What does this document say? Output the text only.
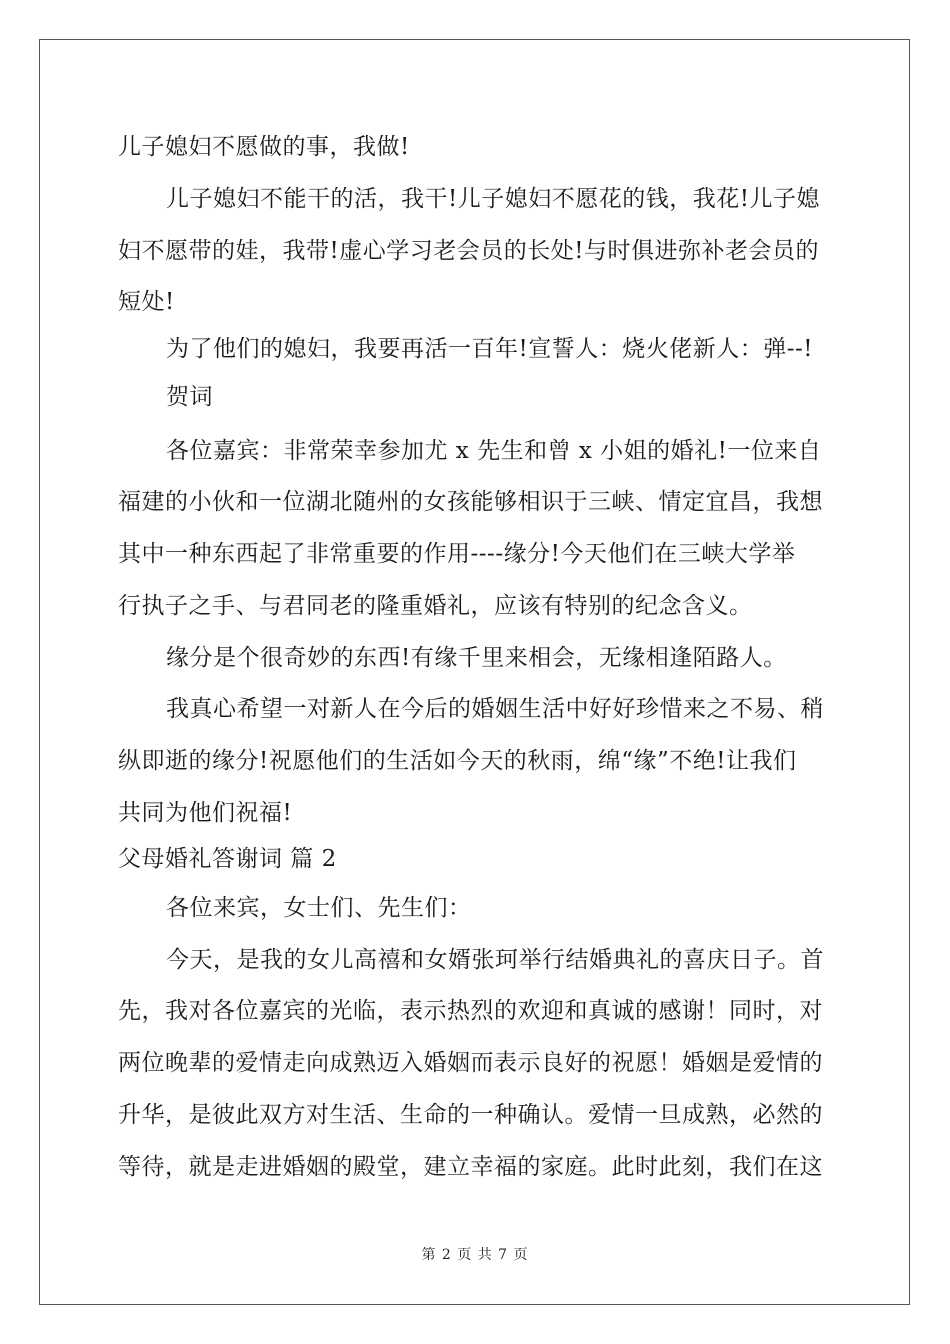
儿子媳妇不愿做的事，我做!
儿子媳妇不能干的活，我干!儿子媳妇不愿花的钱，我花!儿子媳
妇不愿带的娃，我带!虚心学习老会员的长处!与时俱进弥补老会员的
短处!
为了他们的媳妇，我要再活一百年!宣誓人：烧火佬新人：弹--!
贺词
各位嘉宾：非常荣幸参加尤 x 先生和曾 x 小姐的婚礼!一位来自
福建的小伙和一位湖北随州的女孩能够相识于三峡、情定宜昌，我想
其中一种东西起了非常重要的作用----缘分!今天他们在三峡大学举
行执子之手、与君同老的隆重婚礼，应该有特别的纪念含义。
缘分是个很奇妙的东西!有缘千里来相会，无缘相逢陌路人。
我真心希望一对新人在今后的婚姻生活中好好珍惜来之不易、稍
纵即逝的缘分!祝愿他们的生活如今天的秋雨，绵“缘”不绝!让我们
共同为他们祝福!
父母婚礼答谢词 篇 2
各位来宾，女士们、先生们：
今天，是我的女儿高禧和女婿张珂举行结婚典礼的喜庆日子。首
先，我对各位嘉宾的光临，表示热烈的欢迎和真诚的感谢！同时，对
两位晚辈的爱情走向成熟迈入婚姻而表示良好的祝愿！婚姻是爱情的
升华，是彼此双方对生活、生命的一种确认。爱情一旦成熟，必然的
等待，就是走进婚姻的殿堂，建立幸福的家庭。此时此刻，我们在这
第 2 页 共 7 页
